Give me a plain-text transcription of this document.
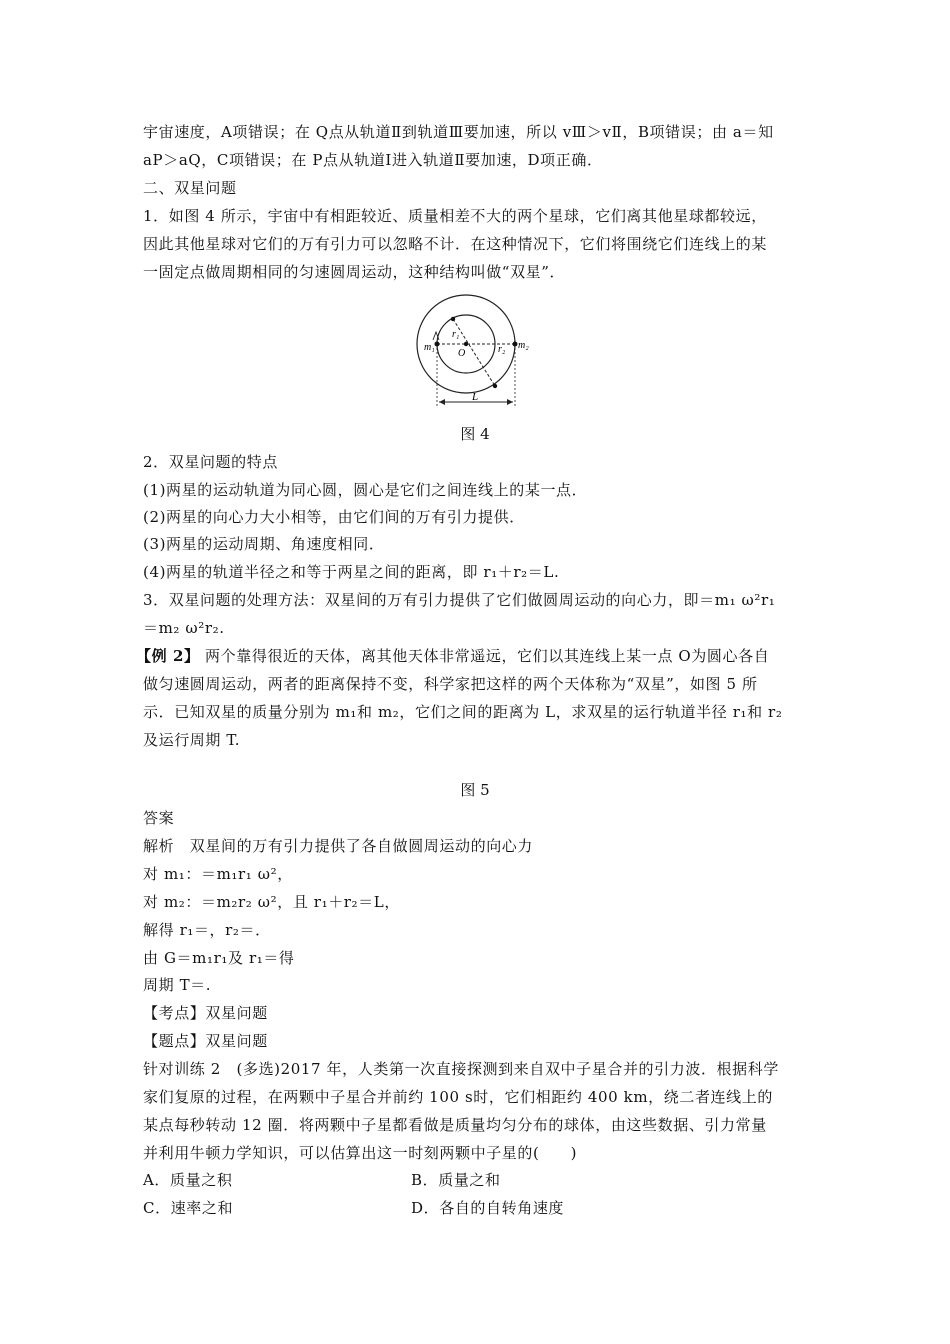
宇宙速度，A项错误；在 Q点从轨道Ⅱ到轨道Ⅲ要加速，所以 vⅢ＞vⅡ，B项错误；由 a＝知
aP＞aQ，C项错误；在 P点从轨道Ⅰ进入轨道Ⅱ要加速，D项正确．
二、双星问题
1．如图 4 所示，宇宙中有相距较近、质量相差不大的两个星球，它们离其他星球都较远，
因此其他星球对它们的万有引力可以忽略不计．在这种情况下，它们将围绕它们连线上的某
一固定点做周期相同的匀速圆周运动，这种结构叫做“双星”．
m₁	m₂
r₁
r₂
O
L
图 4
2．双星问题的特点
(1)两星的运动轨道为同心圆，圆心是它们之间连线上的某一点．
(2)两星的向心力大小相等，由它们间的万有引力提供．
(3)两星的运动周期、角速度相同．
(4)两星的轨道半径之和等于两星之间的距离，即 r₁＋r₂＝L.
3．双星问题的处理方法：双星间的万有引力提供了它们做圆周运动的向心力，即＝m₁ ω²r₁
＝m₂ ω²r₂.
【例 2】 两个靠得很近的天体，离其他天体非常遥远，它们以其连线上某一点 O为圆心各自
做匀速圆周运动，两者的距离保持不变，科学家把这样的两个天体称为“双星”，如图 5 所
示．已知双星的质量分别为 m₁和 m₂，它们之间的距离为 L，求双星的运行轨道半径 r₁和 r₂
及运行周期 T.
图 5
答案
解析　双星间的万有引力提供了各自做圆周运动的向心力
对 m₁：＝m₁r₁ ω²，
对 m₂：＝m₂r₂ ω²，且 r₁＋r₂＝L，
解得 r₁＝，r₂＝．
由 G＝m₁r₁及 r₁＝得
周期 T＝.
【考点】双星问题
【题点】双星问题
针对训练 2　(多选)2017 年，人类第一次直接探测到来自双中子星合并的引力波．根据科学
家们复原的过程，在两颗中子星合并前约 100 s时，它们相距约 400 km，绕二者连线上的
某点每秒转动 12 圈．将两颗中子星都看做是质量均匀分布的球体，由这些数据、引力常量
并利用牛顿力学知识，可以估算出这一时刻两颗中子星的(　　)
A．质量之积	B．质量之和
C．速率之和	D．各自的自转角速度
